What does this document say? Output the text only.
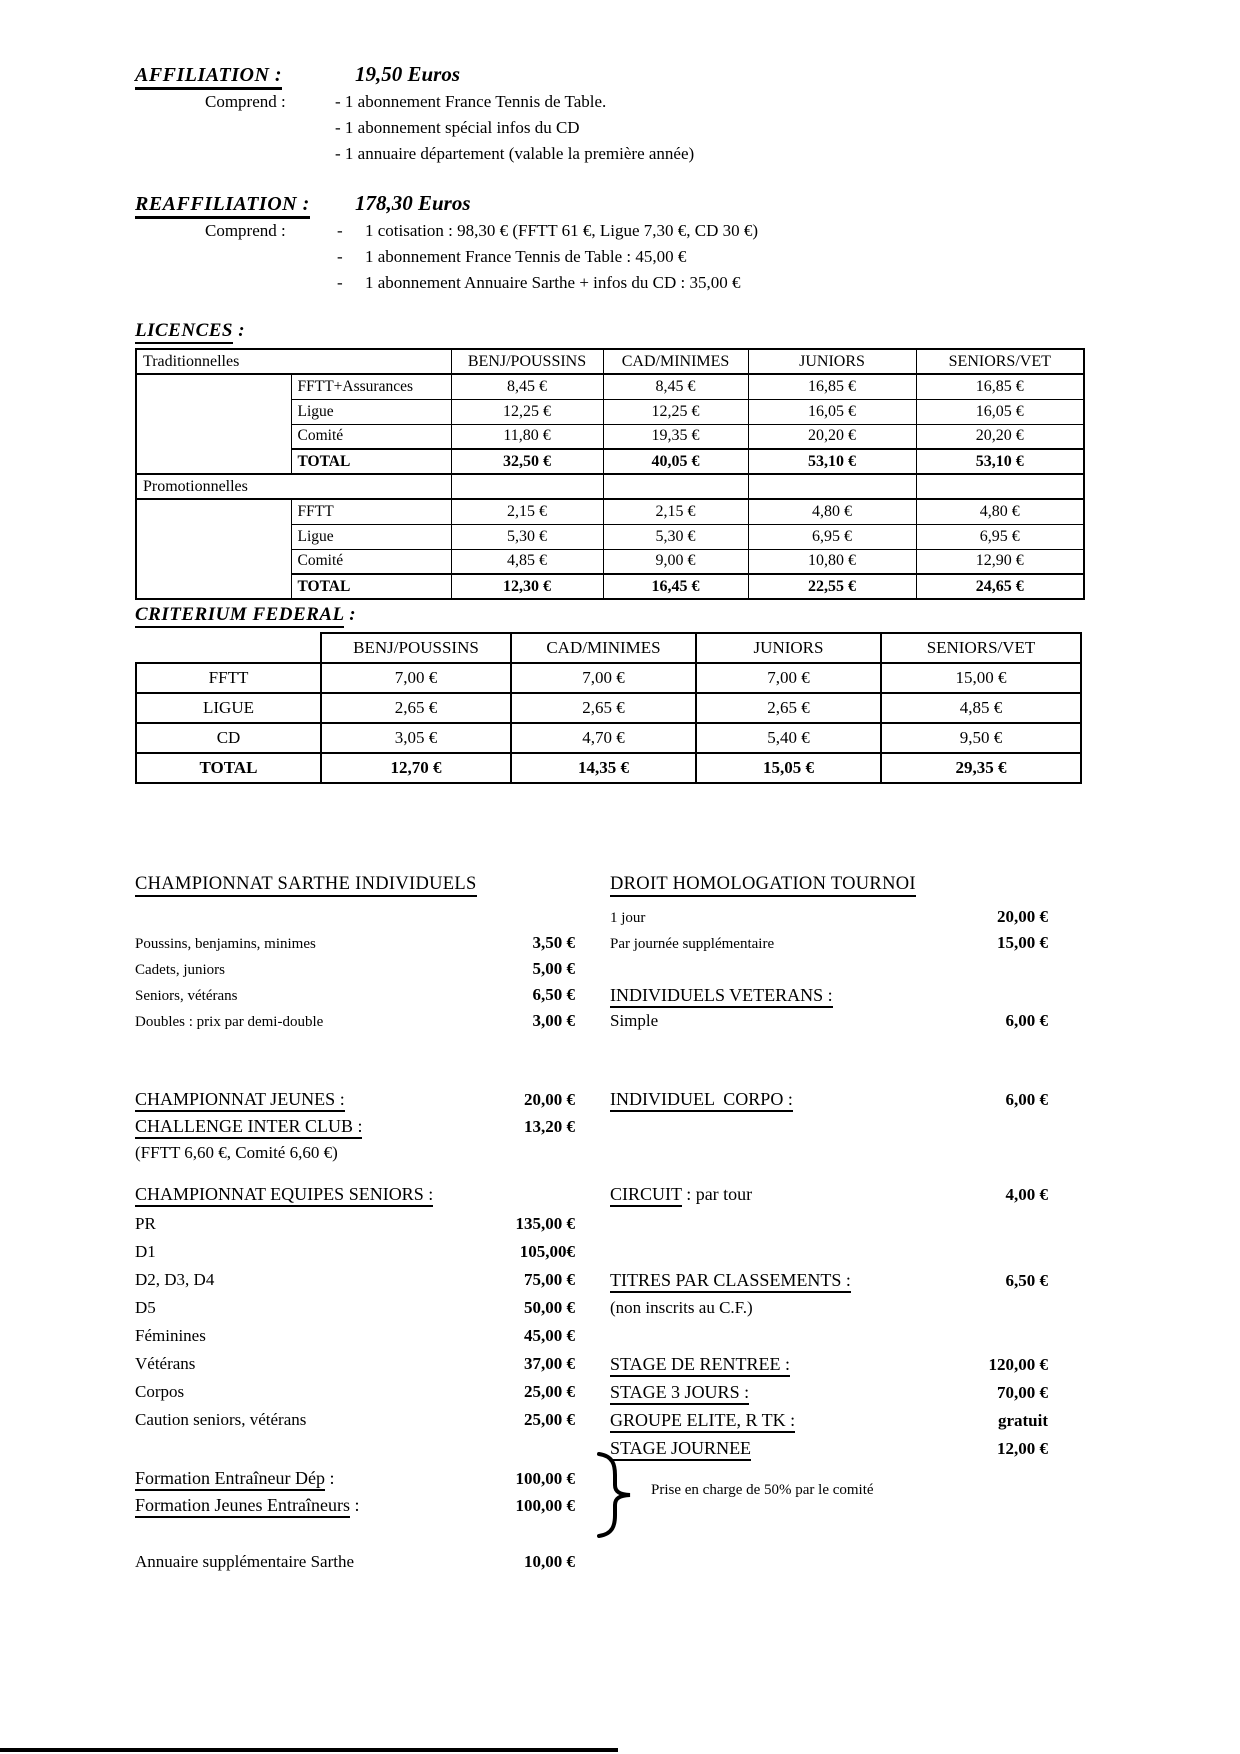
AFFILIATION :	19,50 Euros
Comprend :	- 1 abonnement France Tennis de Table.
- 1 abonnement spécial infos du CD
- 1 annuaire département (valable la première année)
REAFFILIATION :	178,30 Euros
Comprend :	-	1 cotisation : 98,30 € (FFTT 61 €, Ligue 7,30 €, CD 30 €)
-	1 abonnement France Tennis de Table : 45,00 €
-	1 abonnement Annuaire Sarthe + infos du CD : 35,00 €
LICENCES :
Traditionnelles		BENJ/POUSSINS	CAD/MINIMES	JUNIORS	SENIORS/VET
	FFTT+Assurances	8,45 €	8,45 €	16,85 €	16,85 €
	Ligue	12,25 €	12,25 €	16,05 €	16,05 €
	Comité	11,80 €	19,35 €	20,20 €	20,20 €
	TOTAL	32,50 €	40,05 €	53,10 €	53,10 €
Promotionnelles					
	FFTT	2,15 €	2,15 €	4,80 €	4,80 €
	Ligue	5,30 €	5,30 €	6,95 €	6,95 €
	Comité	4,85 €	9,00 €	10,80 €	12,90 €
	TOTAL	12,30 €	16,45 €	22,55 €	24,65 €
CRITERIUM FEDERAL :
	BENJ/POUSSINS	CAD/MINIMES	JUNIORS	SENIORS/VET
FFTT	7,00 €	7,00 €	7,00 €	15,00 €
LIGUE	2,65 €	2,65 €	2,65 €	4,85 €
CD	3,05 €	4,70 €	5,40 €	9,50 €
TOTAL	12,70 €	14,35 €	15,05 €	29,35 €
CHAMPIONNAT SARTHE INDIVIDUELS	DROIT HOMOLOGATION TOURNOI
1 jour	20,00 €
Poussins, benjamins, minimes	3,50 € Par journée supplémentaire	15,00 €
Cadets, juniors	5,00 €
Seniors, vétérans	6,50 € INDIVIDUELS VETERANS :
Doubles : prix par demi-double	3,00 € Simple	6,00 €
CHAMPIONNAT JEUNES :	20,00 € INDIVIDUEL  CORPO :	6,00 €
CHALLENGE INTER CLUB :	13,20 €
(FFTT 6,60 €, Comité 6,60 €)
CHAMPIONNAT EQUIPES SENIORS :	CIRCUIT : par tour	4,00 €
PR	135,00 €
D1	105,00€
D2, D3, D4	75,00 € TITRES PAR CLASSEMENTS :	6,50 €
D5	50,00 € (non inscrits au C.F.)
Féminines	45,00 €
Vétérans	37,00 € STAGE DE RENTREE :	120,00 €
Corpos	25,00 € STAGE 3 JOURS :	70,00 €
Caution seniors, vétérans	25,00 € GROUPE ELITE, R TK :	gratuit
STAGE JOURNEE	12,00 €
Formation Entraîneur Dép :	100,00 €
Formation Jeunes Entraîneurs :	100,00 €
Annuaire supplémentaire Sarthe	10,00 €
Prise en charge de 50% par le comité
